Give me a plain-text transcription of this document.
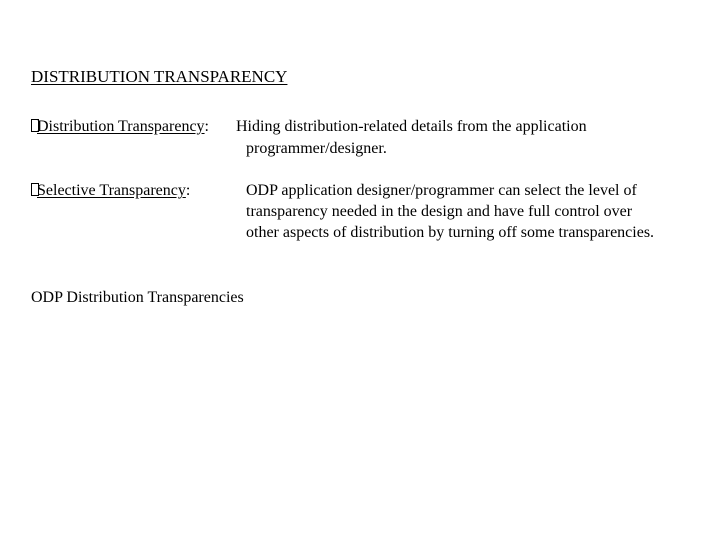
DISTRIBUTION TRANSPARENCY
Distribution Transparency: Hiding distribution-related details from the application
programmer/designer.
Selective Transparency:	ODP application designer/programmer can select the level of
transparency needed in the design and have full control over
other aspects of distribution by turning off some transparencies.
ODP Distribution Transparencies
